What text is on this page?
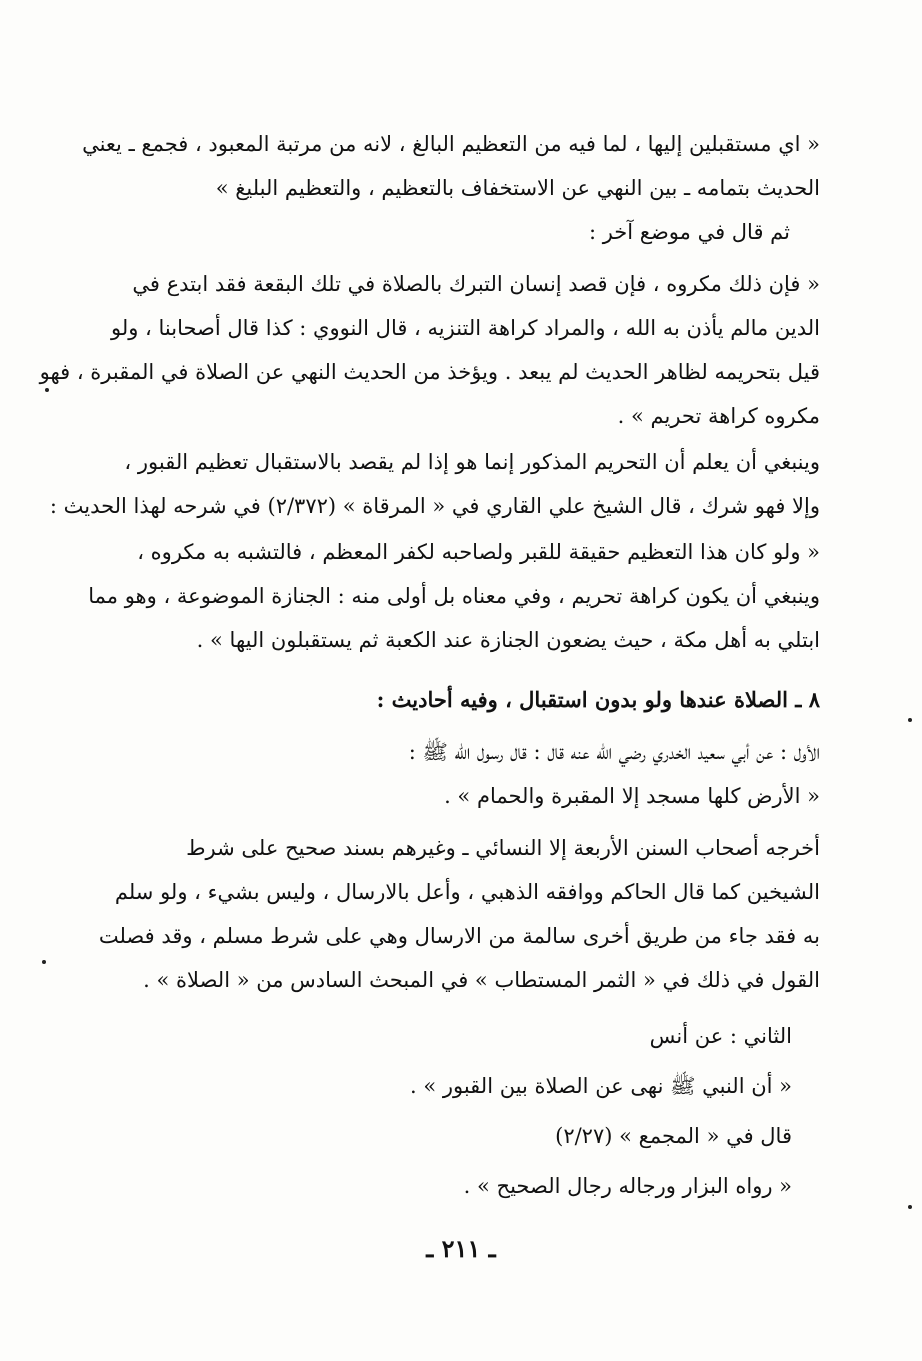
« اي مستقبلين إليها ، لما فيه من التعظيم البالغ ، لانه من مرتبة المعبود ، فجمع ـ يعني
الحديث بتمامه ـ بين النهي عن الاستخفاف بالتعظيم ، والتعظيم البليغ »
ثم قال في موضع آخر :
« فإن ذلك مكروه ، فإن قصد إنسان التبرك بالصلاة في تلك البقعة فقد ابتدع في
الدين مالم يأذن به الله ، والمراد كراهة التنزيه ، قال النووي : كذا قال أصحابنا ، ولو
قيل بتحريمه لظاهر الحديث لم يبعد . ويؤخذ من الحديث النهي عن الصلاة في المقبرة ، فهو
مكروه كراهة تحريم » .
وينبغي أن يعلم أن التحريم المذكور إنما هو إذا لم يقصد بالاستقبال تعظيم القبور ،
وإلا فهو شرك ، قال الشيخ علي القاري في « المرقاة » (٢/٣٧٢) في شرحه لهذا الحديث :
« ولو كان هذا التعظيم حقيقة للقبر ولصاحبه لكفر المعظم ، فالتشبه به مكروه ،
وينبغي أن يكون كراهة تحريم ، وفي معناه بل أولى منه : الجنازة الموضوعة ، وهو مما
ابتلي به أهل مكة ، حيث يضعون الجنازة عند الكعبة ثم يستقبلون اليها » .
٨ ـ الصلاة عندها ولو بدون استقبال ، وفيه أحاديث :
الأول : عن أبي سعيد الخدري رضي الله عنه قال : قال رسول الله ﷺ :
« الأرض كلها مسجد إلا المقبرة والحمام » .
أخرجه أصحاب السنن الأربعة إلا النسائي ـ وغيرهم بسند صحيح على شرط
الشيخين كما قال الحاكم ووافقه الذهبي ، وأعل بالارسال ، وليس بشيء ، ولو سلم
به فقد جاء من طريق أخرى سالمة من الارسال وهي على شرط مسلم ، وقد فصلت
القول في ذلك في « الثمر المستطاب » في المبحث السادس من « الصلاة » .
الثاني : عن أنس
« أن النبي ﷺ نهى عن الصلاة بين القبور » .
قال في « المجمع » (٢/٢٧)
« رواه البزار ورجاله رجال الصحيح » .
ـ ٢١١ ـ
